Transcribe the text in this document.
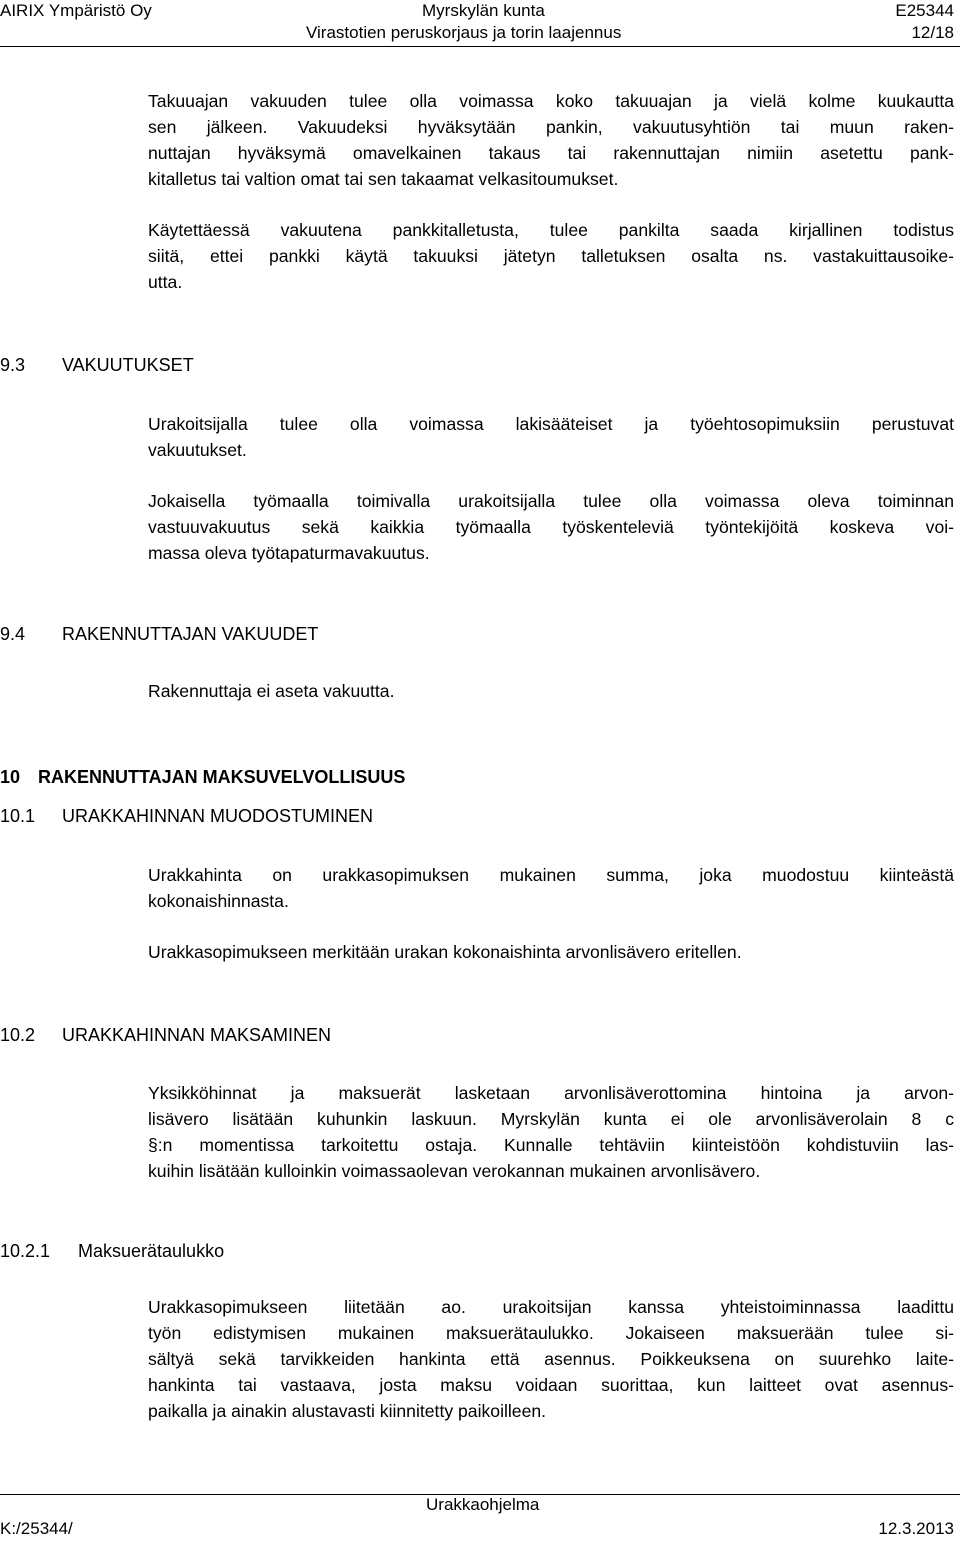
AIRIX Ympäristö Oy	Myrskylän kunta
Virastotien peruskorjaus ja torin laajennus
E25344
12/18
Takuuajan vakuuden tulee olla voimassa koko takuuajan ja vielä kolme kuukautta
sen jälkeen. Vakuudeksi hyväksytään pankin, vakuutusyhtiön tai muun raken-
nuttajan hyväksymä omavelkainen takaus tai rakennuttajan nimiin asetettu pank-
kitalletus tai valtion omat tai sen takaamat velkasitoumukset.
Käytettäessä vakuutena pankkitalletusta, tulee pankilta saada kirjallinen todistus
siitä, ettei pankki käytä takuuksi jätetyn talletuksen osalta ns. vastakuittausoike-
utta.
9.3 VAKUUTUKSET
Urakoitsijalla tulee olla voimassa lakisääteiset ja työehtosopimuksiin perustuvat
vakuutukset.
Jokaisella työmaalla toimivalla urakoitsijalla tulee olla voimassa oleva toiminnan
vastuuvakuutus sekä kaikkia työmaalla työskenteleviä työntekijöitä koskeva voi-
massa oleva työtapaturmavakuutus.
9.4 RAKENNUTTAJAN VAKUUDET
Rakennuttaja ei aseta vakuutta.
10 RAKENNUTTAJAN MAKSUVELVOLLISUUS
10.1 URAKKAHINNAN MUODOSTUMINEN
Urakkahinta on urakkasopimuksen mukainen summa, joka muodostuu kiinteästä
kokonaishinnasta.
Urakkasopimukseen merkitään urakan kokonaishinta arvonlisävero eritellen.
10.2 URAKKAHINNAN MAKSAMINEN
Yksikköhinnat ja maksuerät lasketaan arvonlisäverottomina hintoina ja arvon-
lisävero lisätään kuhunkin laskuun. Myrskylän kunta ei ole arvonlisäverolain 8 c
§:n momentissa tarkoitettu ostaja. Kunnalle tehtäviin kiinteistöön kohdistuviin las-
kuihin lisätään kulloinkin voimassaolevan verokannan mukainen arvonlisävero.
10.2.1 Maksuerätaulukko
Urakkasopimukseen liitetään ao. urakoitsijan kanssa yhteistoiminnassa laadittu
työn edistymisen mukainen maksuerätaulukko. Jokaiseen maksuerään tulee si-
sältyä sekä tarvikkeiden hankinta että asennus. Poikkeuksena on suurehko laite-
hankinta tai vastaava, josta maksu voidaan suorittaa, kun laitteet ovat asennus-
paikalla ja ainakin alustavasti kiinnitetty paikoilleen.
K:/25344/
Urakkaohjelma
12.3.2013
